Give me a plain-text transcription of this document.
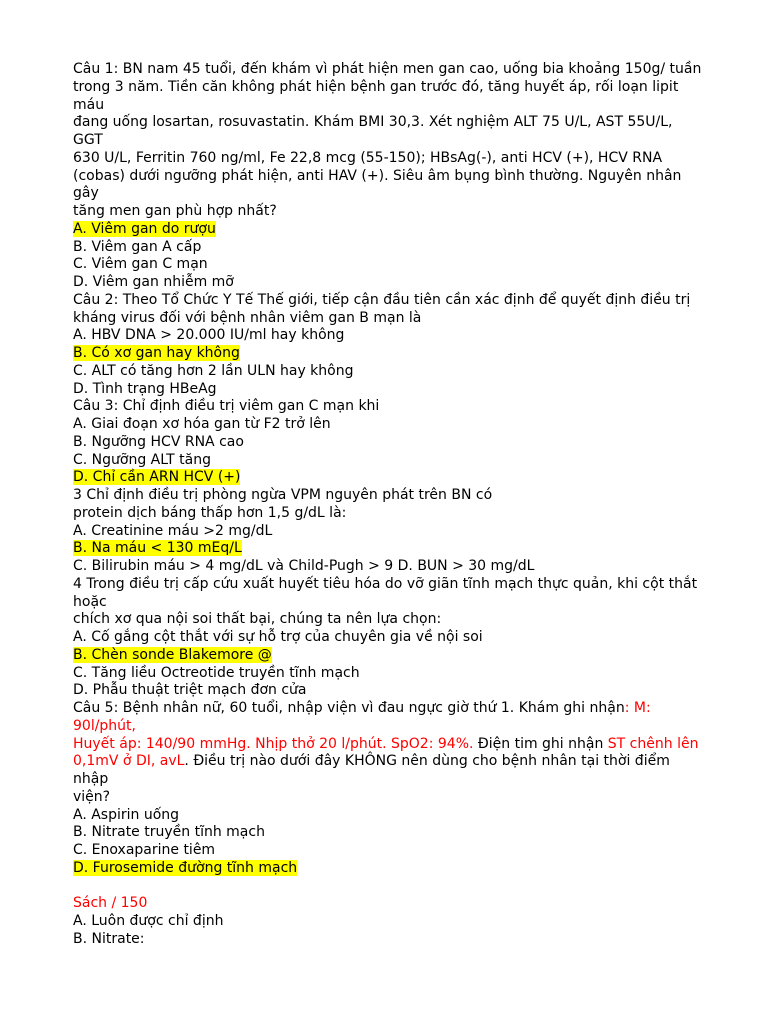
Câu 1: BN nam 45 tuổi, đến khám vì phát hiện men gan cao, uống bia khoảng 150g/ tuần
trong 3 năm. Tiền căn không phát hiện bệnh gan trước đó, tăng huyết áp, rối loạn lipit
máu
đang uống losartan, rosuvastatin. Khám BMI 30,3. Xét nghiệm ALT 75 U/L, AST 55U/L,
GGT
630 U/L, Ferritin 760 ng/ml, Fe 22,8 mcg (55-150); HBsAg(-), anti HCV (+), HCV RNA
(cobas) dưới ngưỡng phát hiện, anti HAV (+). Siêu âm bụng bình thường. Nguyên nhân
gây
tăng men gan phù hợp nhất?
A. Viêm gan do rượu
B. Viêm gan A cấp
C. Viêm gan C mạn
D. Viêm gan nhiễm mỡ
Câu 2: Theo Tổ Chức Y Tế Thế giới, tiếp cận đầu tiên cần xác định để quyết định điều trị
kháng virus đối với bệnh nhân viêm gan B mạn là
A. HBV DNA > 20.000 IU/ml hay không
B. Có xơ gan hay không
C. ALT có tăng hơn 2 lần ULN hay không
D. Tình trạng HBeAg
Câu 3: Chỉ định điều trị viêm gan C mạn khi
A. Giai đoạn xơ hóa gan từ F2 trở lên
B. Ngưỡng HCV RNA cao
C. Ngưỡng ALT tăng
D. Chỉ cần ARN HCV (+)
3 Chỉ định điều trị phòng ngừa VPM nguyên phát trên BN có
protein dịch báng thấp hơn 1,5 g/dL là:
A. Creatinine máu >2 mg/dL
B. Na máu < 130 mEq/L
C. Bilirubin máu > 4 mg/dL và Child-Pugh > 9 D. BUN > 30 mg/dL
4 Trong điều trị cấp cứu xuất huyết tiêu hóa do vỡ giãn tĩnh mạch thực quản, khi cột thắt
hoặc
chích xơ qua nội soi thất bại, chúng ta nên lựa chọn:
A. Cố gắng cột thắt với sự hỗ trợ của chuyên gia về nội soi
B. Chèn sonde Blakemore @
C. Tăng liều Octreotide truyền tĩnh mạch
D. Phẫu thuật triệt mạch đơn cửa
Câu 5: Bệnh nhân nữ, 60 tuổi, nhập viện vì đau ngực giờ thứ 1. Khám ghi nhận: M:
90l/phút,
Huyết áp: 140/90 mmHg. Nhịp thở 20 l/phút. SpO2: 94%. Điện tim ghi nhận ST chênh lên
0,1mV ở DI, avL. Điều trị nào dưới đây KHÔNG nên dùng cho bệnh nhân tại thời điểm
nhập
viện?
A. Aspirin uống
B. Nitrate truyền tĩnh mạch
C. Enoxaparine tiêm
D. Furosemide đường tĩnh mạch
Sách / 150
A. Luôn được chỉ định
B. Nitrate:
